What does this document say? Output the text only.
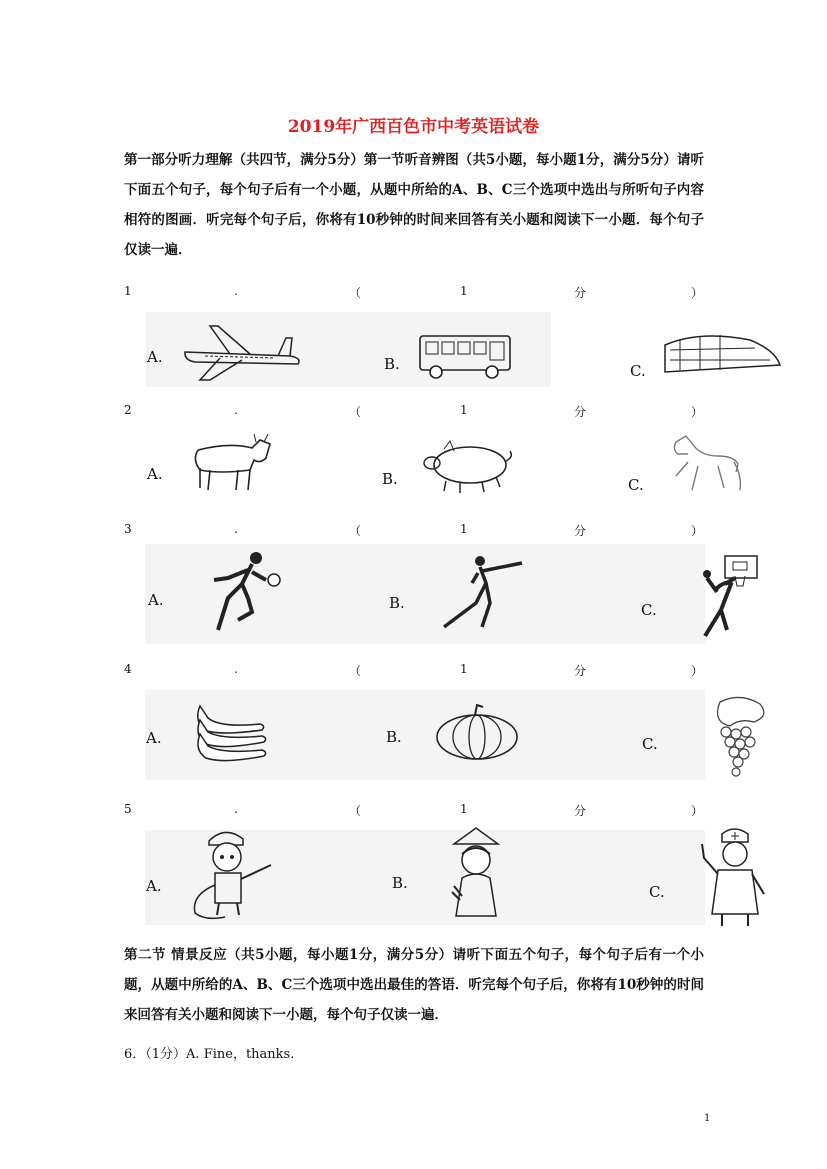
2019年广西百色市中考英语试卷
第一部分听力理解（共四节，满分5分）第一节听音辨图（共5小题，每小题1分，满分5分）请听下面五个句子，每个句子后有一个小题，从题中所给的A、B、C三个选项中选出与所听句子内容相符的图画．听完每个句子后，你将有10秒钟的时间来回答有关小题和阅读下一小题．每个句子仅读一遍．
1	.	（	1	分	）
A.	B.	C.
2	.	（	1	分	）
A.	B.	C.
3	.	（	1	分	）
A.	B.	C.
4	.	（	1	分	）
A.	B.	C.
5	.	（	1	分	）
A.	B.	C.
第二节 情景反应（共5小题，每小题1分，满分5分）请听下面五个句子，每个句子后有一个小题，从题中所给的A、B、C三个选项中选出最佳的答语．听完每个句子后，你将有10秒钟的时间来回答有关小题和阅读下一小题，每个句子仅读一遍．
6．（1分）A. Fine，thanks.
1
